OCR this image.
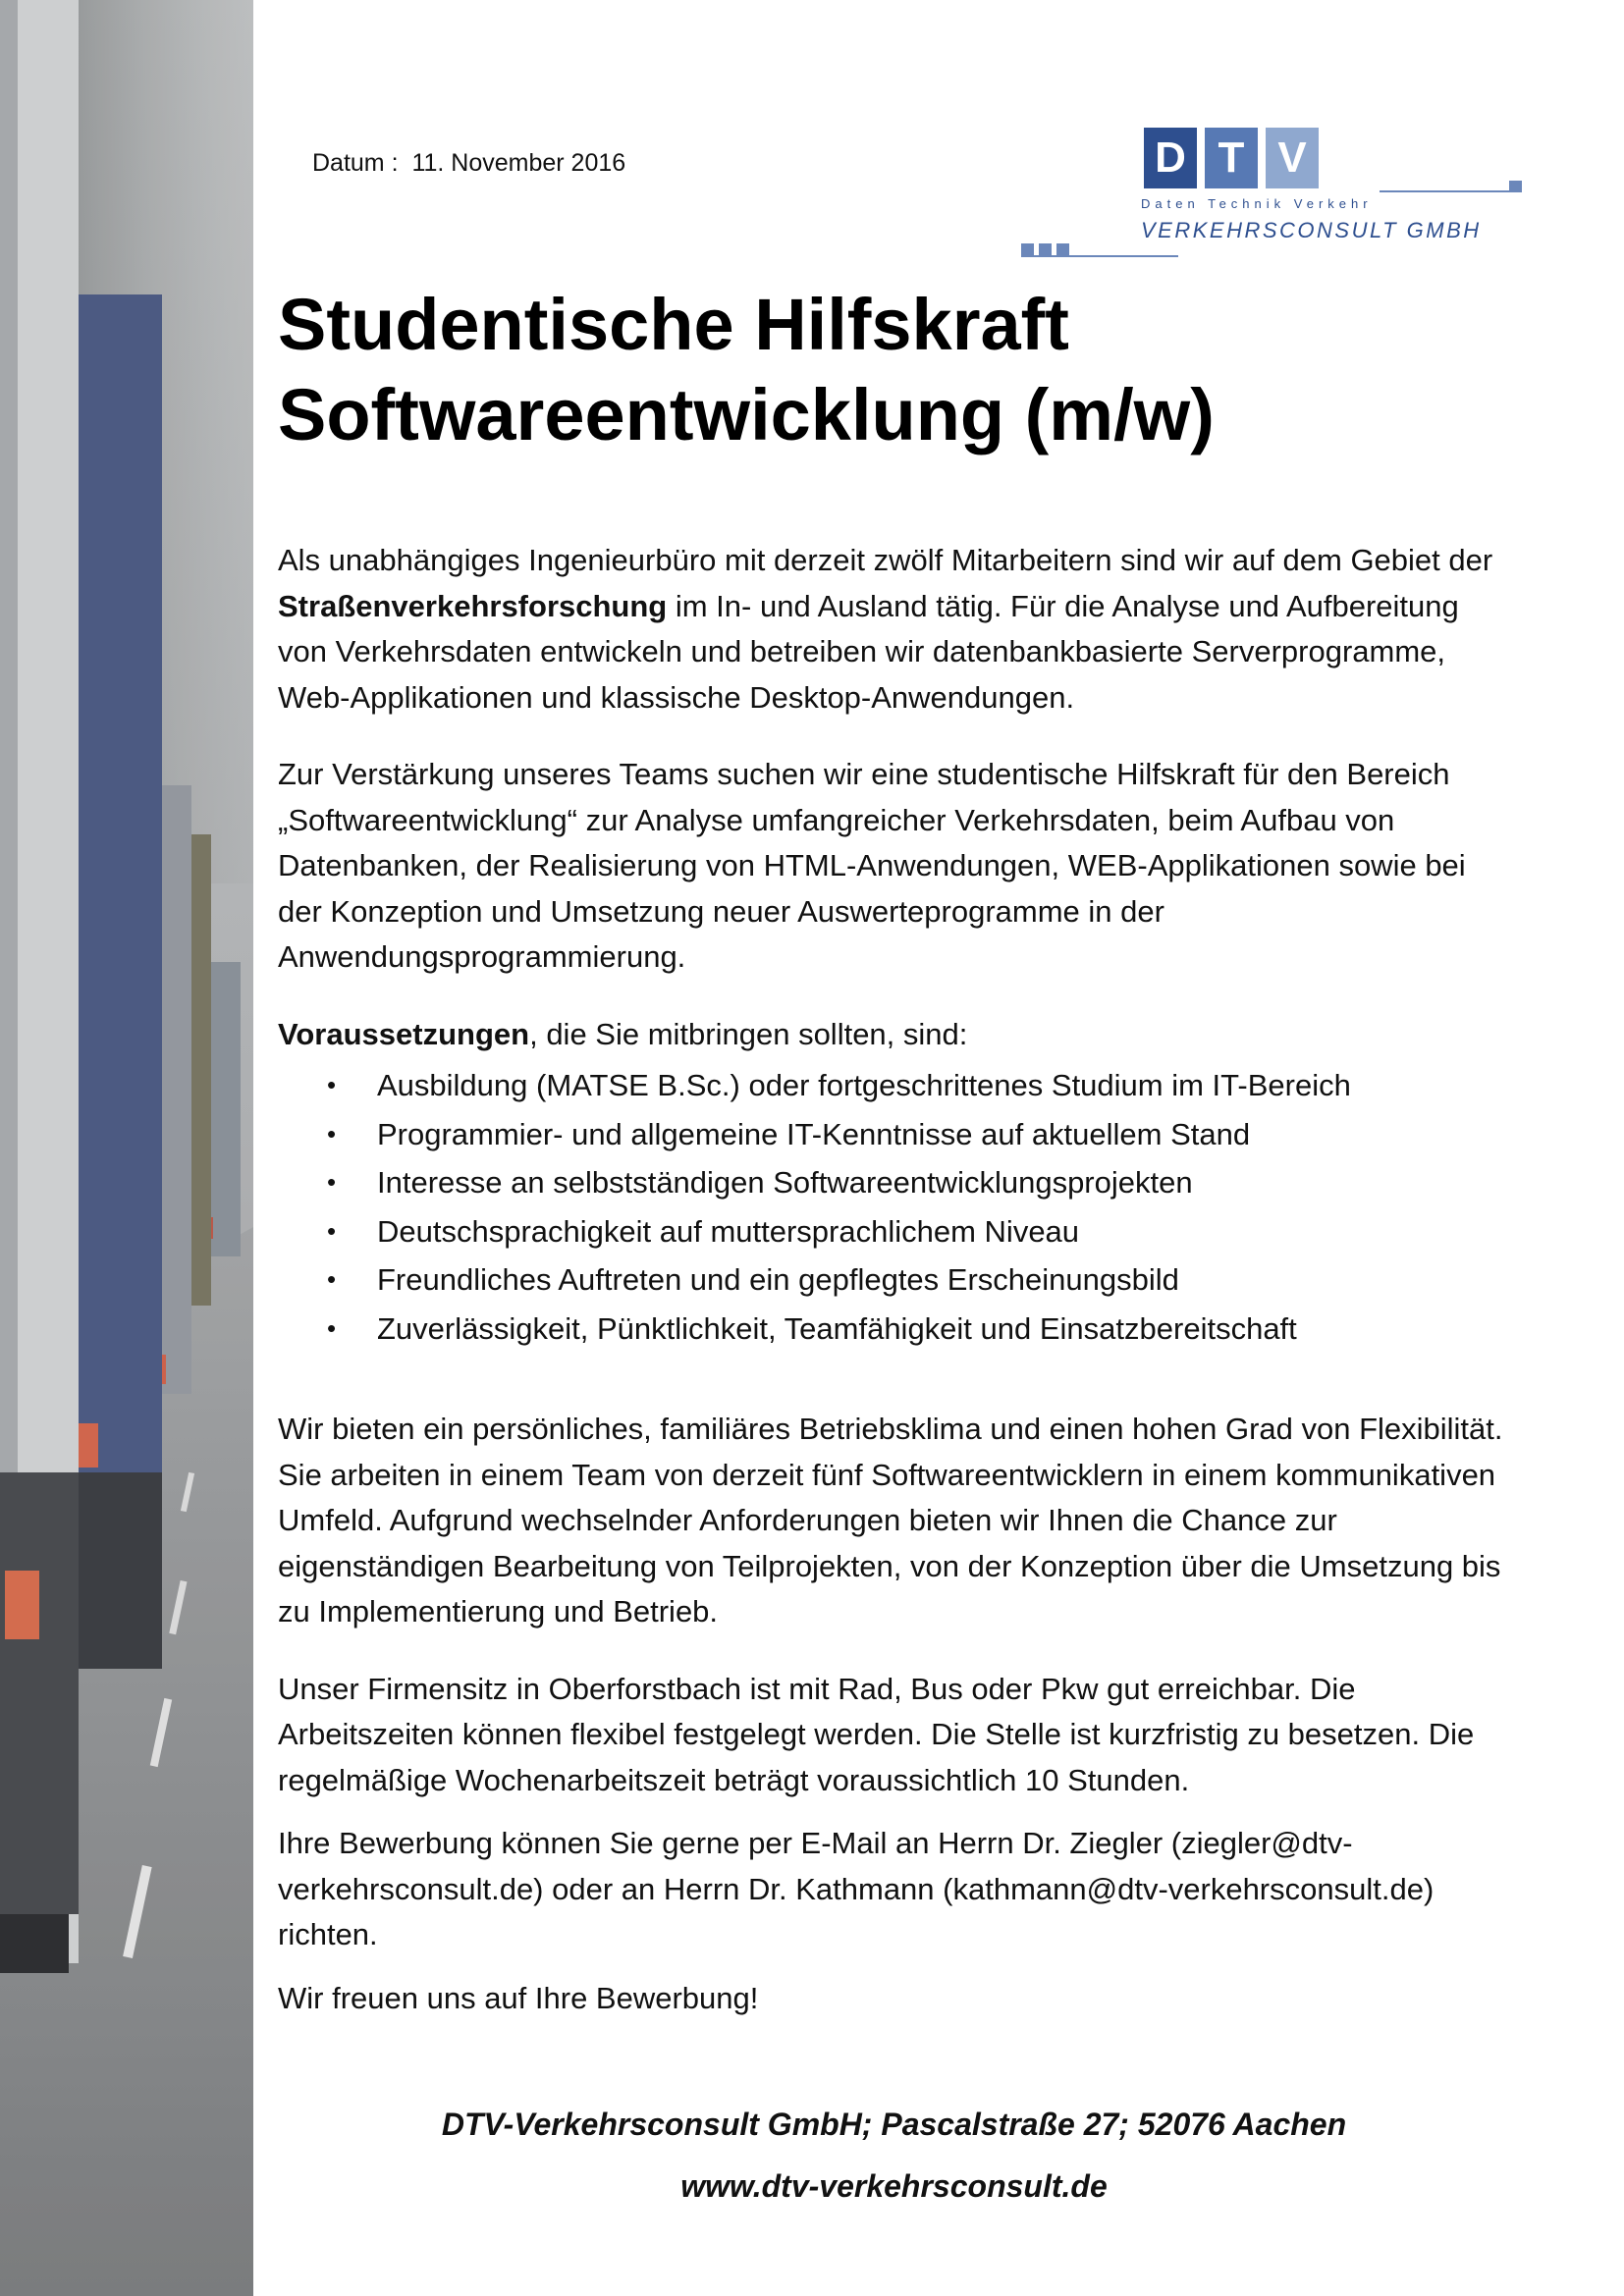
Datum : 11. November 2016	D T V
Daten Technik Verkehr
VERKEHRSCONSULT GMBH
Studentische Hilfskraft
Softwareentwicklung (m/w)

Als unabhängiges Ingenieurbüro mit derzeit zwölf Mitarbeitern sind wir auf dem Gebiet der Straßenverkehrsforschung im In- und Ausland tätig. Für die Analyse und Aufbereitung von Verkehrsdaten entwickeln und betreiben wir datenbankbasierte Serverprogramme, Web-Applikationen und klassische Desktop-Anwendungen.

Zur Verstärkung unseres Teams suchen wir eine studentische Hilfskraft für den Bereich „Softwareentwicklung“ zur Analyse umfangreicher Verkehrsdaten, beim Aufbau von Datenbanken, der Realisierung von HTML-Anwendungen, WEB-Applikationen sowie bei der Konzeption und Umsetzung neuer Auswerteprogramme in der Anwendungsprogrammierung.

Voraussetzungen, die Sie mitbringen sollten, sind:

• Ausbildung (MATSE B.Sc.) oder fortgeschrittenes Studium im IT-Bereich
• Programmier- und allgemeine IT-Kenntnisse auf aktuellem Stand
• Interesse an selbstständigen Softwareentwicklungsprojekten
• Deutschsprachigkeit auf muttersprachlichem Niveau
• Freundliches Auftreten und ein gepflegtes Erscheinungsbild
• Zuverlässigkeit, Pünktlichkeit, Teamfähigkeit und Einsatzbereitschaft

Wir bieten ein persönliches, familiäres Betriebsklima und einen hohen Grad von Flexibilität. Sie arbeiten in einem Team von derzeit fünf Softwareentwicklern in einem kommunikativen Umfeld. Aufgrund wechselnder Anforderungen bieten wir Ihnen die Chance zur eigenständigen Bearbeitung von Teilprojekten, von der Konzeption über die Umsetzung bis zu Implementierung und Betrieb.

Unser Firmensitz in Oberforstbach ist mit Rad, Bus oder Pkw gut erreichbar. Die Arbeitszeiten können flexibel festgelegt werden. Die Stelle ist kurzfristig zu besetzen. Die regelmäßige Wochenarbeitszeit beträgt voraussichtlich 10 Stunden.

Ihre Bewerbung können Sie gerne per E-Mail an Herrn Dr. Ziegler (ziegler@dtv-verkehrsconsult.de) oder an Herrn Dr. Kathmann (kathmann@dtv-verkehrsconsult.de) richten.

Wir freuen uns auf Ihre Bewerbung!

DTV-Verkehrsconsult GmbH; Pascalstraße 27; 52076 Aachen
www.dtv-verkehrsconsult.de
